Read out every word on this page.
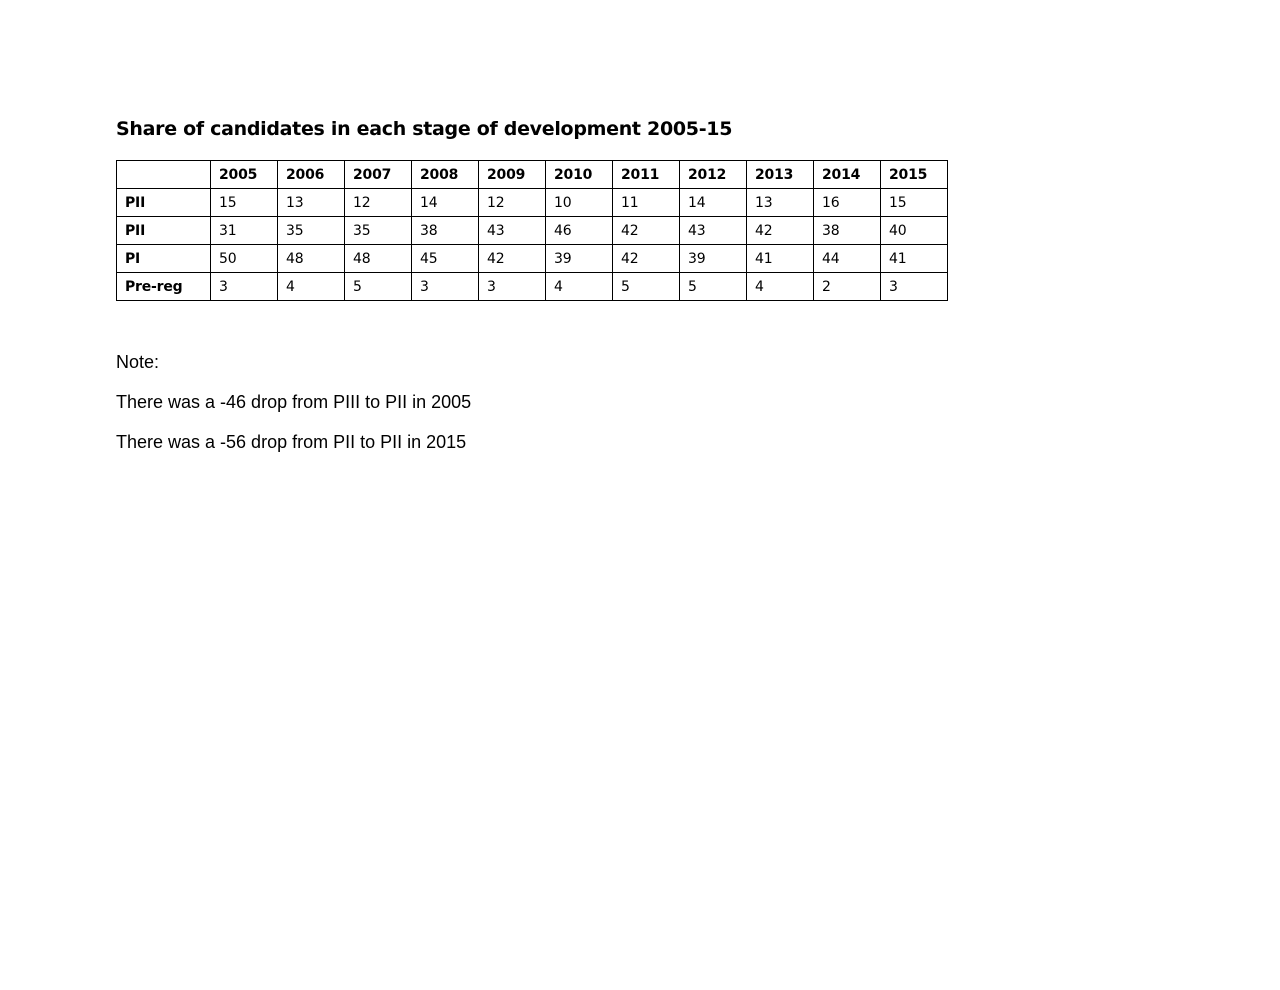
Share of candidates in each stage of development 2005-15
	2005	2006	2007	2008	2009	2010	2011	2012	2013	2014	2015
PII	15	13	12	14	12	10	11	14	13	16	15
PII	31	35	35	38	43	46	42	43	42	38	40
PI	50	48	48	45	42	39	42	39	41	44	41
Pre-reg	3	4	5	3	3	4	5	5	4	2	3

Note:

There was a -46 drop from PIII to PII in 2005

There was a -56 drop from PII to PII in 2015
